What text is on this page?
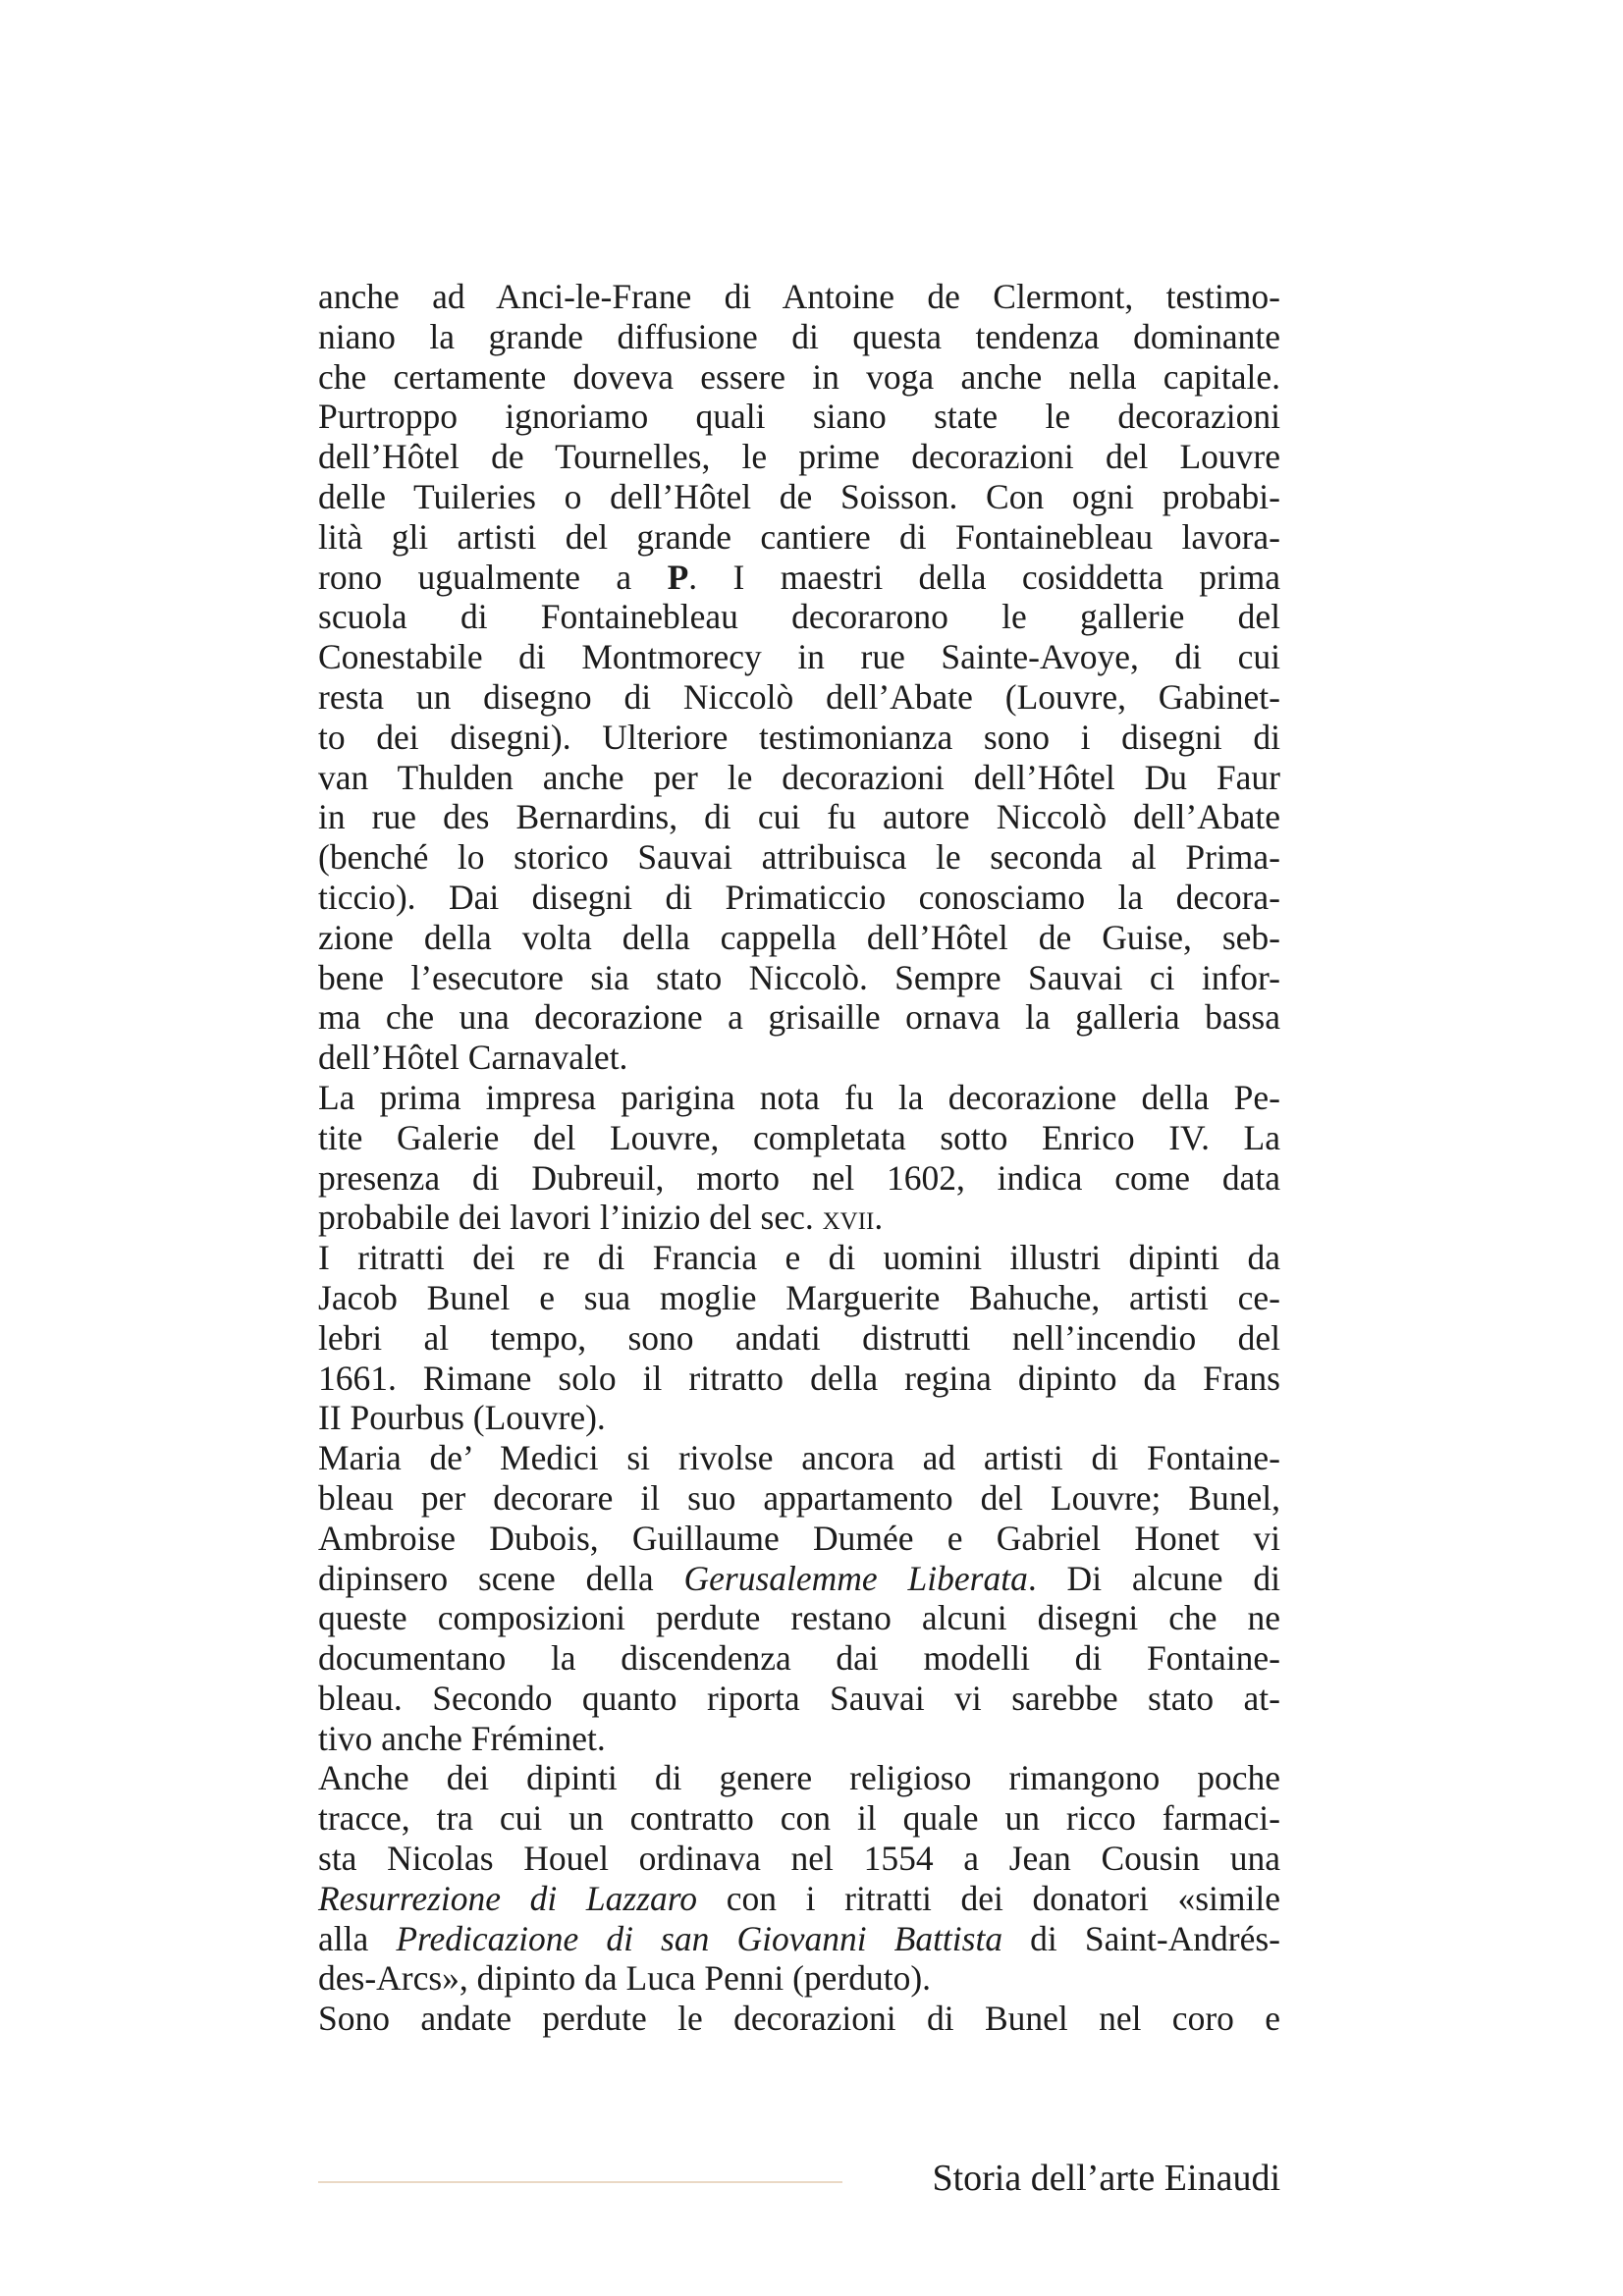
anche ad Anci-le-Frane di Antoine de Clermont, testimo-
niano la grande diffusione di questa tendenza dominante
che certamente doveva essere in voga anche nella capitale.
Purtroppo ignoriamo quali siano state le decorazioni
dell’Hôtel de Tournelles, le prime decorazioni del Louvre
delle Tuileries o dell’Hôtel de Soisson. Con ogni probabi-
lità gli artisti del grande cantiere di Fontainebleau lavora-
rono ugualmente a P. I maestri della cosiddetta prima
scuola di Fontainebleau decorarono le gallerie del
Conestabile di Montmorecy in rue Sainte-Avoye, di cui
resta un disegno di Niccolò dell’Abate (Louvre, Gabinet-
to dei disegni). Ulteriore testimonianza sono i disegni di
van Thulden anche per le decorazioni dell’Hôtel Du Faur
in rue des Bernardins, di cui fu autore Niccolò dell’Abate
(benché lo storico Sauvai attribuisca le seconda al Prima-
ticcio). Dai disegni di Primaticcio conosciamo la decora-
zione della volta della cappella dell’Hôtel de Guise, seb-
bene l’esecutore sia stato Niccolò. Sempre Sauvai ci infor-
ma che una decorazione a grisaille ornava la galleria bassa
dell’Hôtel Carnavalet.
La prima impresa parigina nota fu la decorazione della Pe-
tite Galerie del Louvre, completata sotto Enrico IV. La
presenza di Dubreuil, morto nel 1602, indica come data
probabile dei lavori l’inizio del sec. xvii.
I ritratti dei re di Francia e di uomini illustri dipinti da
Jacob Bunel e sua moglie Marguerite Bahuche, artisti ce-
lebri al tempo, sono andati distrutti nell’incendio del
1661. Rimane solo il ritratto della regina dipinto da Frans
II Pourbus (Louvre).
Maria de’ Medici si rivolse ancora ad artisti di Fontaine-
bleau per decorare il suo appartamento del Louvre; Bunel,
Ambroise Dubois, Guillaume Dumée e Gabriel Honet vi
dipinsero scene della Gerusalemme Liberata. Di alcune di
queste composizioni perdute restano alcuni disegni che ne
documentano la discendenza dai modelli di Fontaine-
bleau. Secondo quanto riporta Sauvai vi sarebbe stato at-
tivo anche Fréminet.
Anche dei dipinti di genere religioso rimangono poche
tracce, tra cui un contratto con il quale un ricco farmaci-
sta Nicolas Houel ordinava nel 1554 a Jean Cousin una
Resurrezione di Lazzaro con i ritratti dei donatori «simile
alla Predicazione di san Giovanni Battista di Saint-Andrés-
des-Arcs», dipinto da Luca Penni (perduto).
Sono andate perdute le decorazioni di Bunel nel coro e
Storia dell’arte Einaudi
